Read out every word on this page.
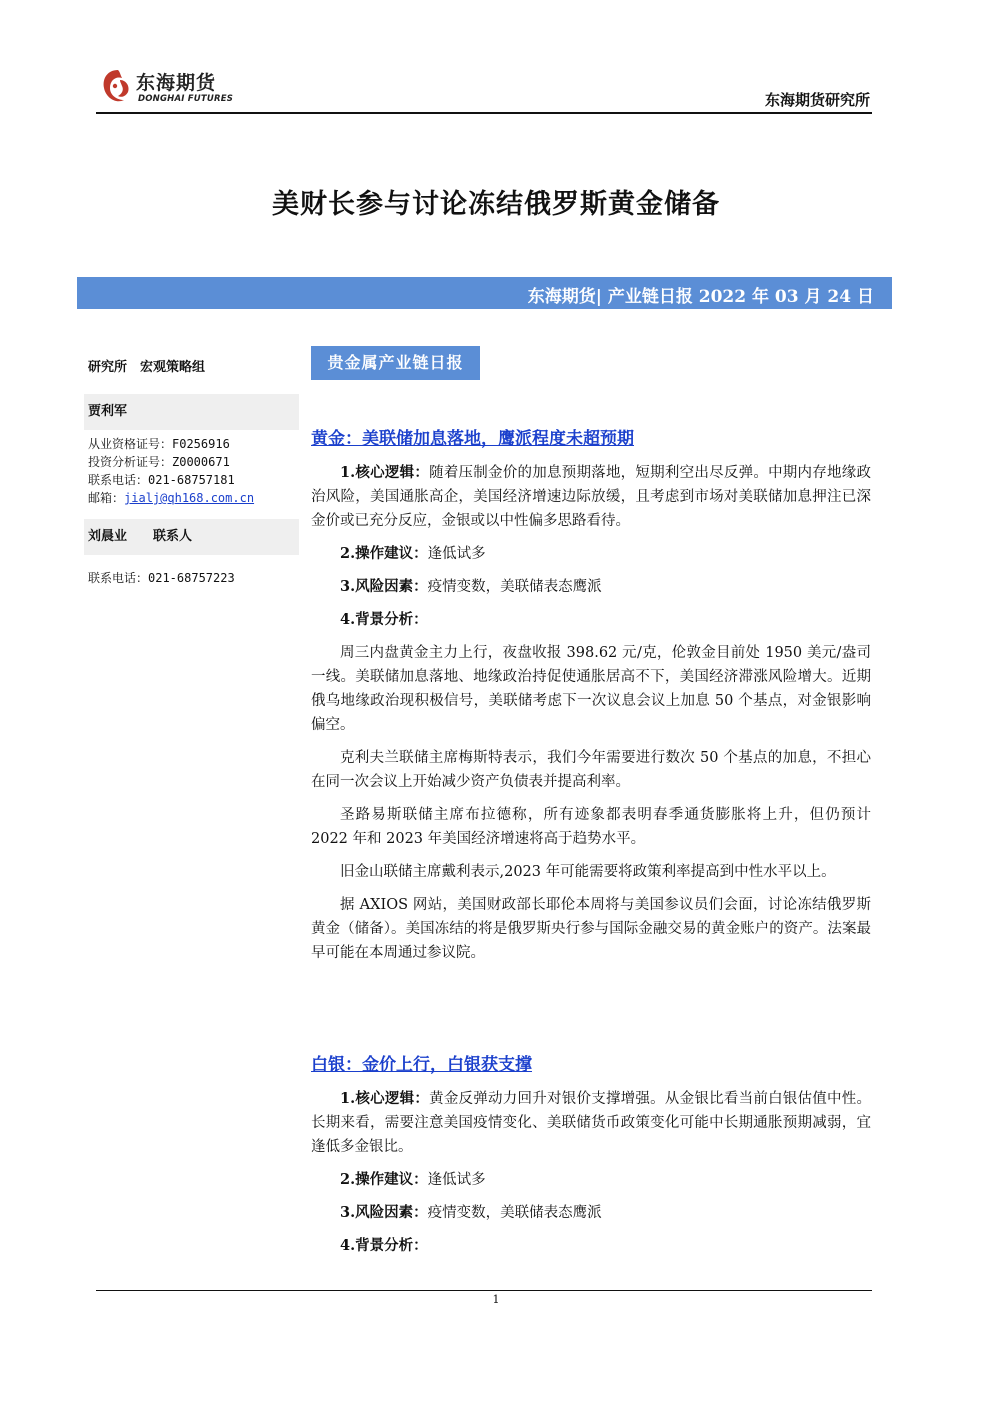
东海期货
DONGHAI FUTURES	东海期货研究所
美财长参与讨论冻结俄罗斯黄金储备
东海期货| 产业链日报 2022 年 03 月 24 日
研究所　宏观策略组
贾利军
从业资格证号：F0256916
投资分析证号：Z0000671
联系电话：021-68757181
邮箱：jialj@qh168.com.cn
刘晨业　　联系人
联系电话：021-68757223
贵金属产业链日报
黄金：美联储加息落地，鹰派程度未超预期
1.核心逻辑：随着压制金价的加息预期落地，短期利空出尽反弹。中期内存地缘政治风险，美国通胀高企，美国经济增速边际放缓，且考虑到市场对美联储加息押注已深金价或已充分反应，金银或以中性偏多思路看待。
2.操作建议：逢低试多
3.风险因素：疫情变数，美联储表态鹰派
4.背景分析：
周三内盘黄金主力上行，夜盘收报 398.62 元/克，伦敦金目前处 1950 美元/盎司一线。美联储加息落地、地缘政治持促使通胀居高不下，美国经济滞涨风险增大。近期俄乌地缘政治现积极信号，美联储考虑下一次议息会议上加息 50 个基点，对金银影响偏空。
克利夫兰联储主席梅斯特表示，我们今年需要进行数次 50 个基点的加息，不担心在同一次会议上开始减少资产负债表并提高利率。
圣路易斯联储主席布拉德称，所有迹象都表明春季通货膨胀将上升，但仍预计 2022 年和 2023 年美国经济增速将高于趋势水平。
旧金山联储主席戴利表示,2023 年可能需要将政策利率提高到中性水平以上。
据 AXIOS 网站，美国财政部长耶伦本周将与美国参议员们会面，讨论冻结俄罗斯黄金（储备）。美国冻结的将是俄罗斯央行参与国际金融交易的黄金账户的资产。法案最早可能在本周通过参议院。
白银：金价上行，白银获支撑
1.核心逻辑：黄金反弹动力回升对银价支撑增强。从金银比看当前白银估值中性。长期来看，需要注意美国疫情变化、美联储货币政策变化可能中长期通胀预期减弱，宜逢低多金银比。
2.操作建议：逢低试多
3.风险因素：疫情变数，美联储表态鹰派
4.背景分析：
1
